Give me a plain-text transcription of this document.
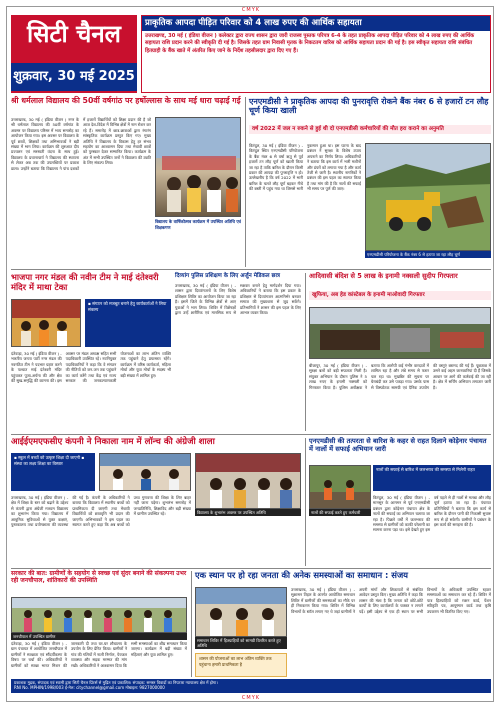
CMYK
सिटी चैनल
शुक्रवार, 30 मई 2025
प्राकृतिक आपदा पीड़ित परिवार को 4 लाख रुपए की आर्थिक सहायता
उत्तराखण्ड, 30 मई ( इंडिया वीजन ) कलेक्टर द्वारा राज्य शासन द्वारा जारी राजस्व पुस्तक परिपत्र 6-4 के तहत प्राकृतिक आपदा पीड़ित परिवार को 4 लाख रुपए की आर्थिक सहायता राशि प्रदान करने की स्वीकृति दी गई है। जिसके तहत ग्राम निवासी मृतक के निकटतम वारिस को आर्थिक सहायता प्रदान की गई है। इस स्वीकृत सहायता राशि संबंधित हितग्राही के बैंक खाते में अंतरित किए जाने के निर्देश तहसीलदार द्वारा दिए गए हैं।
श्री धर्मलाल विद्यालय की 50वीं वर्षगांठ पर हर्षोल्लास के साथ मई धारा चढ़ाई गई
उत्तराखण्ड, 30 मई ( इंडिया वीजन ) नगर के श्री धर्मलाल विद्यालय की 50वीं वर्षगांठ के अवसर पर विद्यालय परिसर में भव्य समारोह का आयोजन किया गया। इस अवसर पर विद्यालय के पूर्व छात्रों, शिक्षकों तथा अभिभावकों ने बड़ी संख्या में भाग लिया। कार्यक्रम की शुरुआत दीप प्रज्वलन एवं सरस्वती वंदना के साथ हुई। विद्यालय के प्रधानाचार्य ने विद्यालय की स्थापना से लेकर अब तक की उपलब्धियों पर प्रकाश डाला। उन्होंने बताया कि विद्यालय ने पांच दशकों में हजारों विद्यार्थियों को शिक्षा प्रदान की है जो आज देश-विदेश में विभिन्न क्षेत्रों में नाम रोशन कर रहे हैं। समारोह में छात्र-छात्राओं द्वारा रंगारंग सांस्कृतिक कार्यक्रम प्रस्तुत किए गए। मुख्य अतिथि ने विद्यालय के विकास हेतु हर संभव सहयोग का आश्वासन दिया तथा मेधावी छात्रों को पुरस्कार देकर सम्मानित किया। कार्यक्रम के अंत में सभी उपस्थित जनों ने विद्यालय की उन्नति के लिए संकल्प लिया।
विद्यालय के वार्षिकोत्सव कार्यक्रम में उपस्थित अतिथि एवं शिक्षकगण
एनएमडीसी ने प्राकृतिक आपदा की पुनरावृत्ति रोकने बैंक नंबर 6 से हजारों टन लौह चूर्ण किया खाली
वर्ष 2022 में जल न रुकने से हुई थी दो एनएमडीसी कर्मचारियों की मौत हरा कराने का अनुमति
किरंदुल, 30 मई ( इंडिया वीजन ) - किरंदुल स्थित एनएमडीसी परियोजना के बैंक नंबर 6 से वर्षा ऋतु से पूर्व हजारों टन लौह चूर्ण को खाली किया जा रहा है ताकि बारिश के दौरान किसी प्रकार की आपदा की पुनरावृत्ति न हो। उल्लेखनीय है कि वर्ष 2022 में भारी बारिश के चलते लौह चूर्ण बहकर नीचे की बस्ती में पहुंच गया था जिससे भारी नुकसान हुआ था। इस घटना के बाद प्रबंधन ने सुरक्षा के विशेष उपाय अपनाने का निर्णय लिया। अधिकारियों ने बताया कि इस कार्य में भारी मशीनों और डंपरों को लगाया गया है और कार्य तेजी से जारी है। स्थानीय नागरिकों ने प्रबंधन की इस पहल का स्वागत किया है तथा मांग की है कि नालों की सफाई भी समय पर पूर्ण की जाए।
एनएमडीसी परियोजना के बैंक नंबर 6 से हटाया जा रहा लौह चूर्ण
भाजपा नगर मंडल की नवीन टीम ने माई दंतेश्वरी मंदिर में माथा टेका
▪ संगठन को मजबूत बनाने हेतु कार्यकर्ताओं ने लिया संकल्प
दंतेवाड़ा, 30 मई ( इंडिया वीजन ) - भारतीय जनता पार्टी नगर मंडल की नवगठित टीम ने पदभार ग्रहण करने के पश्चात माई दंतेश्वरी मंदिर पहुंचकर पूजा-अर्चना की और क्षेत्र की सुख-समृद्धि की कामना की। इस अवसर पर मंडल अध्यक्ष सहित सभी पदाधिकारी उपस्थित रहे। नवनियुक्त पदाधिकारियों ने कहा कि वे संगठन की नीतियों को जन-जन तक पहुंचाने का कार्य करेंगे तथा केंद्र एवं राज्य सरकार की जनकल्याणकारी योजनाओं का लाभ अंतिम व्यक्ति तक पहुंचाने हेतु प्रयासरत रहेंगे। कार्यक्रम में वरिष्ठ कार्यकर्ता, महिला मोर्चा और युवा मोर्चा के सदस्य भी बड़ी संख्या में शामिल हुए।
दिव्यांग पुलिस प्रशिक्षण के लिए अर्जुन मेडिकल छात्र
उत्तराखण्ड, 30 मई ( इंडिया वीजन ) - शासन द्वारा दिव्यांगजनों के लिए विशेष प्रशिक्षण शिविर का आयोजन किया जा रहा है। इसमें जिले के विभिन्न क्षेत्रों से आए युवाओं ने भाग लिया। शिविर में विशेषज्ञों द्वारा उन्हें शारीरिक एवं मानसिक रूप से सशक्त बनाने हेतु मार्गदर्शन दिया गया। अधिकारियों ने बताया कि इस प्रकार के प्रशिक्षण से दिव्यांगजन आत्मनिर्भर बनकर समाज की मुख्यधारा से जुड़ सकेंगे। प्रतिभागियों ने शासन की इस पहल के लिए आभार व्यक्त किया।
आदिवासी बंदिश से 5 लाख के इनामी नक्सली सुदीप गिरफ्तार
खुफिया, अब हेड कांस्टेबल के इनामी माओवादी गिरफ्तार
बीजापुर, 30 मई ( इंडिया वीजन ) - सुरक्षा बलों को बड़ी सफलता मिली है। संयुक्त अभियान के दौरान पुलिस ने 5 लाख रुपए के इनामी नक्सली को गिरफ्तार किया है। पुलिस अधीक्षक ने बताया कि आरोपी कई गंभीर वारदातों में शामिल रहा है और लंबे समय से फरार चल रहा था। मुखबिर की सूचना पर घेराबंदी कर उसे पकड़ा गया। उसके पास से विस्फोटक सामग्री एवं दैनिक उपयोग की वस्तुएं बरामद की गई हैं। पूछताछ में उसने कई अहम जानकारियां दी हैं जिसके आधार पर आगे की कार्रवाई की जा रही है। क्षेत्र में सर्चिंग अभियान लगातार जारी है।
आईईएमएफसीए कंपनी ने निकाला नाम में लॉन्च की अंग्रेजी शाला
▪ स्कूल में बच्चों को उत्कृष्ट शिक्षा दी जाएगी ▪ संस्था का लक्ष्य शिक्षा का विस्तार
उत्तराखण्ड, 30 मई ( इंडिया वीजन ) - क्षेत्र में शिक्षा के स्तर को बढ़ाने के उद्देश्य से कंपनी द्वारा अंग्रेजी माध्यम विद्यालय का शुभारंभ किया गया। विद्यालय में आधुनिक सुविधाओं से युक्त कक्षाएं, पुस्तकालय तथा प्रयोगशाला की व्यवस्था की गई है। कंपनी के अधिकारियों ने बताया कि विद्यालय में स्थानीय बच्चों को प्राथमिकता दी जाएगी तथा मेधावी विद्यार्थियों को छात्रवृत्ति भी प्रदान की जाएगी। अभिभावकों ने इस पहल का स्वागत करते हुए कहा कि अब बच्चों को उच्च गुणवत्ता की शिक्षा के लिए बाहर नहीं जाना पड़ेगा। शुभारंभ समारोह में जनप्रतिनिधि, शिक्षाविद और बड़ी संख्या में ग्रामीण उपस्थित रहे।	विद्यालय के शुभारंभ अवसर पर उपस्थित अतिथि
एनएमडीसी की तत्परता से बारिश के कहर से राहत दिलाने कोड़ेनार पंचायत में नालों में सफाई अभियान जारी
नालों की सफाई से बारिश में जलभराव की समस्या से मिलेगी राहत
नालों की सफाई करते हुए कर्मचारी
किरंदुल, 30 मई ( इंडिया वीजन ) - मानसून के आगमन से पूर्व एनएमडीसी प्रबंधन द्वारा कोड़ेनार पंचायत क्षेत्र के नालों की सफाई का अभियान चलाया जा रहा है। पिछले वर्षों में जलभराव की समस्या से ग्रामीणों को काफी परेशानी का सामना करना पड़ा था। इसे देखते हुए इस वर्ष पहले से ही नालों से मलबा और लौह चूर्ण हटाया जा रहा है। पंचायत प्रतिनिधियों ने बताया कि इस कार्य से बारिश के दौरान पानी की निकासी सुचारु रूप से हो सकेगी। ग्रामीणों ने प्रबंधन के इस कार्य की सराहना की है।
सरकार की बात: ग्रामीणों के सहयोग से स्वच्छ एवं सुंदर बनाने की संकल्पना उभर रही जनचौपाल, शांतिकारों की उपस्थिति
जनचौपाल में उपस्थित ग्रामीण
दंतेवाड़ा, 30 मई ( इंडिया वीजन ) - ग्राम पंचायत में आयोजित जनचौपाल में ग्रामीणों ने स्वच्छता एवं सौंदर्यीकरण के विषय पर चर्चा की। अधिकारियों ने ग्रामीणों को स्वच्छ भारत मिशन की जानकारी दी तथा घर-घर शौचालय के उपयोग के लिए प्रेरित किया। ग्रामीणों ने गांव की गलियों में नाली निर्माण, पेयजल व्यवस्था और सड़क मरम्मत की मांग रखी। अधिकारियों ने आश्वासन दिया कि सभी समस्याओं का शीघ्र समाधान किया जाएगा। कार्यक्रम में बड़ी संख्या में महिलाएं और युवा शामिल हुए।
एक स्थान पर हो रहा जनता की अनेक समस्याओं का समाधान : संजय
समाधान शिविर में हितग्राहियों को सामग्री वितरित करते हुए अतिथि
शासन की योजनाओं का लाभ अंतिम व्यक्ति तक पहुंचाना हमारी प्राथमिकता है
उत्तराखण्ड, 30 मई ( इंडिया वीजन ) - सुशासन तिहार के अंतर्गत आयोजित समाधान शिविर में ग्रामीणों की समस्याओं का मौके पर ही निराकरण किया गया। शिविर में विभिन्न विभागों के स्टॉल लगाए गए थे जहां ग्रामीणों ने अपनी मांगों और शिकायतों से संबंधित आवेदन प्रस्तुत किए। मुख्य अतिथि ने कहा कि शासन की मंशा है कि जनता को छोटे-छोटे कार्यों के लिए कार्यालयों के चक्कर न लगाने पड़ें। इसी उद्देश्य से एक ही स्थान पर सभी विभागों के अधिकारी उपस्थित रहकर समस्याओं का समाधान कर रहे हैं। शिविर में पात्र हितग्राहियों को राशन कार्ड, पेंशन स्वीकृति पत्र, आयुष्मान कार्ड तथा कृषि उपकरण भी वितरित किए गए।
प्रकाशक मुद्रक, संपादक एवं स्वामी द्वारा सिटी चैनल प्रिंटर्स से मुद्रित एवं प्रकाशित। संपादक: समस्त विवादों का निपटारा न्यायालय क्षेत्र में होगा।
RNI No. MPHIN/1998/003 ई-मेल: citychannel@gmail.com मोबाइल: 9827000000
CMYK
